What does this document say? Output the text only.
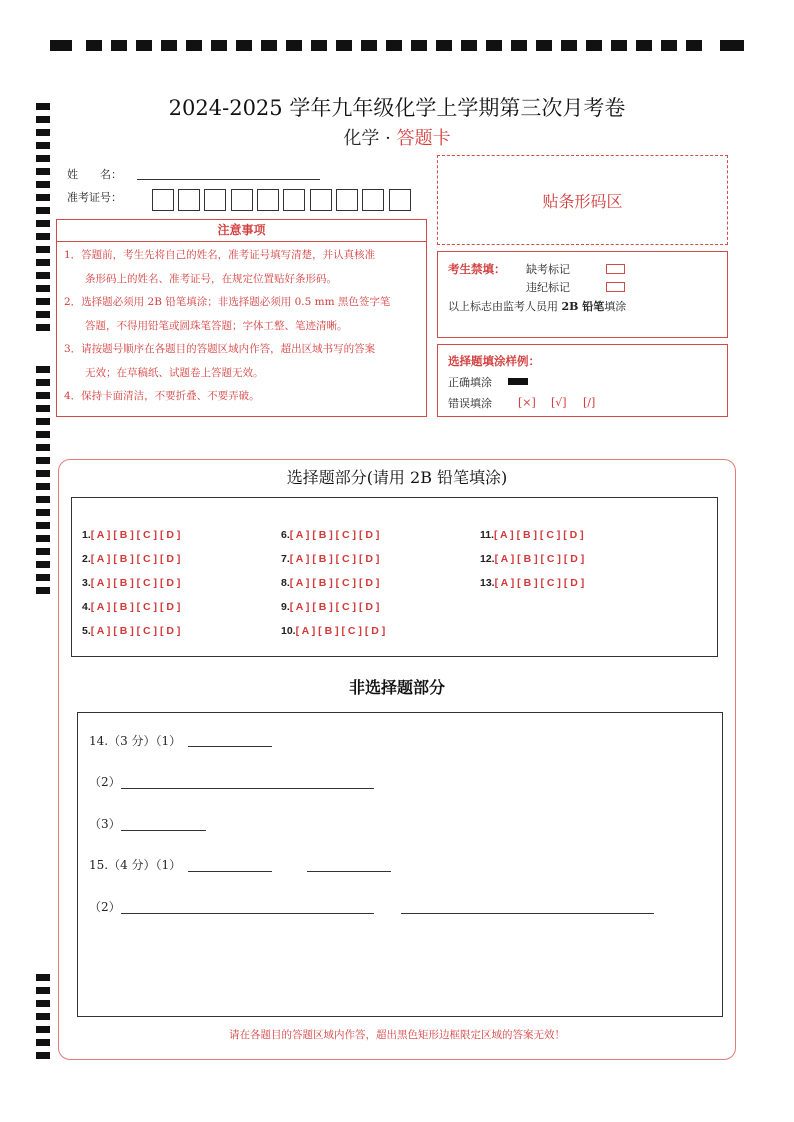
2024-2025 学年九年级化学上学期第三次月考卷
化学 · 答题卡
姓　　名：
准考证号：	贴条形码区
注意事项
1．答题前，考生先将自己的姓名，准考证号填写清楚，并认真核准
　　条形码上的姓名、准考证号，在规定位置贴好条形码。
2．选择题必须用 2B 铅笔填涂；非选择题必须用 0.5 mm 黑色签字笔
　　答题，不得用铅笔或圆珠笔答题；字体工整、笔迹清晰。
3．请按题号顺序在各题目的答题区域内作答，超出区域书写的答案
　　无效；在草稿纸、试题卷上答题无效。
4．保持卡面清洁，不要折叠、不要弄破。
考生禁填： 缺考标记
违纪标记
以上标志由监考人员用 2B 铅笔填涂
选择题填涂样例：
正确填涂
错误填涂 [×] [√] [/]
选择题部分(请用 2B 铅笔填涂)
1.[ A ] [ B ] [ C ] [ D ]
2.[ A ] [ B ] [ C ] [ D ]
3.[ A ] [ B ] [ C ] [ D ]
4.[ A ] [ B ] [ C ] [ D ]
5.[ A ] [ B ] [ C ] [ D ]
6.[ A ] [ B ] [ C ] [ D ]
7.[ A ] [ B ] [ C ] [ D ]
8.[ A ] [ B ] [ C ] [ D ]
9.[ A ] [ B ] [ C ] [ D ]
10.[ A ] [ B ] [ C ] [ D ]
11.[ A ] [ B ] [ C ] [ D ]
12.[ A ] [ B ] [ C ] [ D ]
13.[ A ] [ B ] [ C ] [ D ]
非选择题部分
14.（3 分）（1）
（2）
（3）
15.（4 分）（1）
（2）
请在各题目的答题区域内作答，超出黑色矩形边框限定区域的答案无效！
